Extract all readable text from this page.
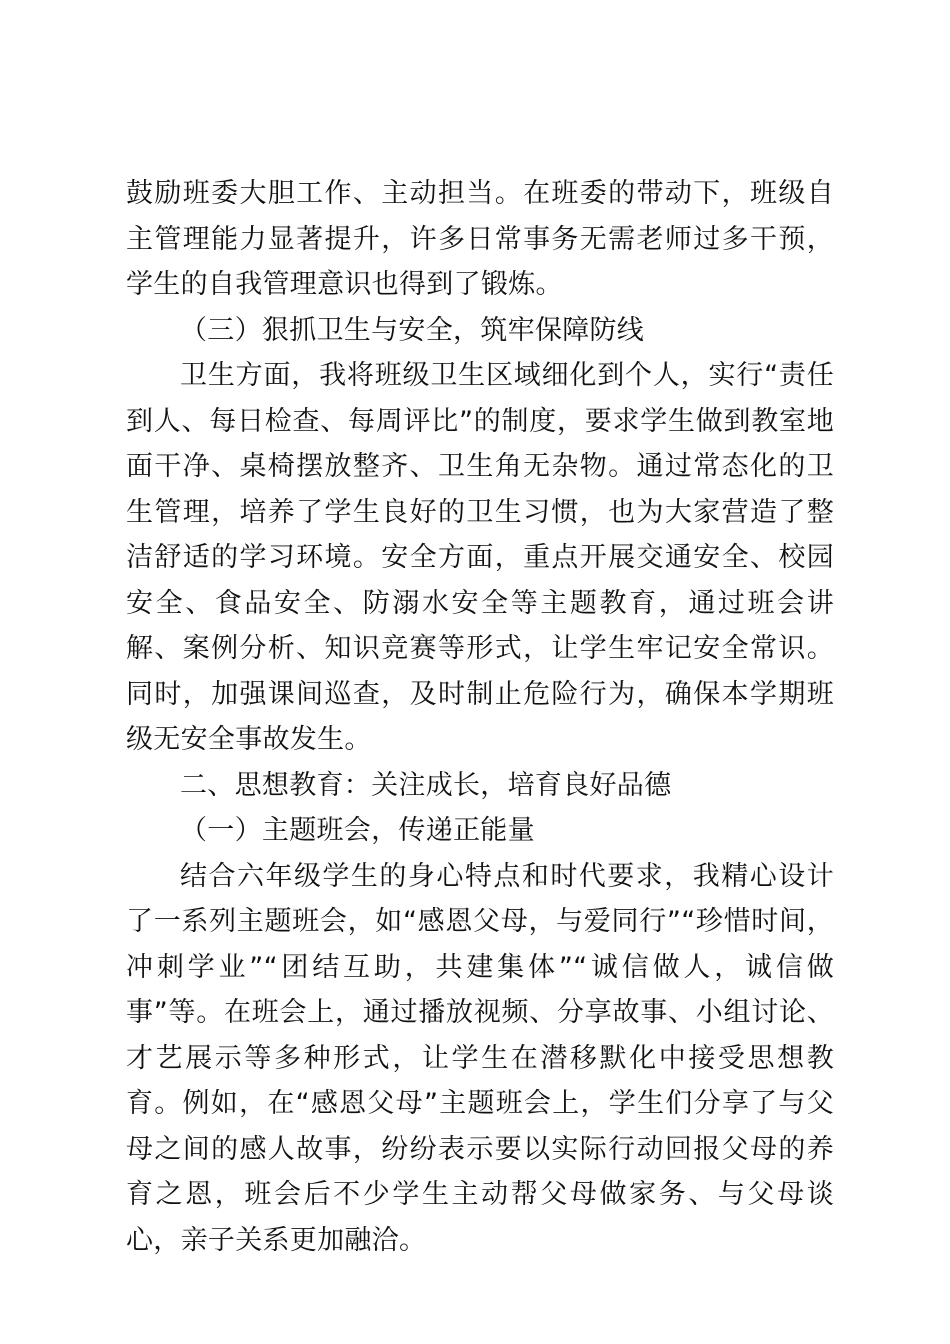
鼓励班委大胆工作、主动担当。在班委的带动下，班级自主管理能力显著提升，许多日常事务无需老师过多干预，学生的自我管理意识也得到了锻炼。

（三）狠抓卫生与安全，筑牢保障防线

卫生方面，我将班级卫生区域细化到个人，实行“责任到人、每日检查、每周评比”的制度，要求学生做到教室地面干净、桌椅摆放整齐、卫生角无杂物。通过常态化的卫生管理，培养了学生良好的卫生习惯，也为大家营造了整洁舒适的学习环境。安全方面，重点开展交通安全、校园安全、食品安全、防溺水安全等主题教育，通过班会讲解、案例分析、知识竞赛等形式，让学生牢记安全常识。同时，加强课间巡查，及时制止危险行为，确保本学期班级无安全事故发生。

二、思想教育：关注成长，培育良好品德

（一）主题班会，传递正能量

结合六年级学生的身心特点和时代要求，我精心设计了一系列主题班会，如“感恩父母，与爱同行”“珍惜时间，冲刺学业”“团结互助，共建集体”“诚信做人，诚信做事”等。在班会上，通过播放视频、分享故事、小组讨论、才艺展示等多种形式，让学生在潜移默化中接受思想教育。例如，在“感恩父母”主题班会上，学生们分享了与父母之间的感人故事，纷纷表示要以实际行动回报父母的养育之恩，班会后不少学生主动帮父母做家务、与父母谈心，亲子关系更加融洽。
